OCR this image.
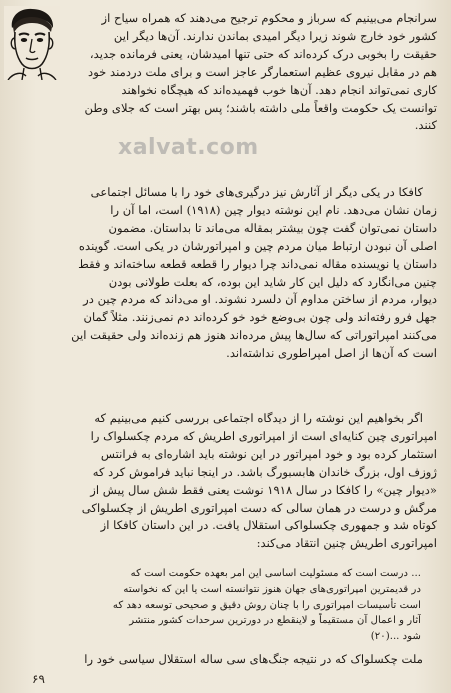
سرانجام می‌بینیم که سرباز و محکوم ترجیح می‌دهند که همراه سیاح از
کشور خود خارج شوند زیرا دیگر امیدی بماندن ندارند. آن‌ها دیگر این
حقیقت را بخوبی درک کرده‌اند که حتی تنها امیدشان، یعنی فرمانده جدید،
هم در مقابل نیروی عظیم استعمارگر عاجز است و برای ملت دردمند خود
کاری نمی‌تواند انجام دهد. آن‌ها خوب فهمیده‌اند که هیچگاه نخواهند
توانست یک حکومت واقعاً ملی داشته باشند؛ پس بهتر است که جلای وطن
کنند.
xalvat.com
کافکا در یکی دیگر از آثارش نیز درگیری‌های خود را با مسائل اجتماعی
زمان نشان می‌دهد. نام این نوشته دیوار چین (۱۹۱۸) است، اما آن را
داستان نمی‌توان گفت چون بیشتر بمقاله می‌ماند تا بداستان. مضمون
اصلی آن نبودن ارتباط میان مردم چین و امپراتورشان در یکی است. گوینده
داستان یا نویسنده مقاله نمی‌داند چرا دیوار را قطعه قطعه ساخته‌اند و فقط
چنین می‌انگارد که دلیل این کار شاید این بوده، که بعلت طولانی بودن
دیوار، مردم از ساختن مداوم آن دلسرد نشوند. او می‌داند که مردم چین در
جهل فرو رفته‌اند ولی چون بی‌وضع خود خو کرده‌اند دم نمی‌زنند. مثلاً گمان
می‌کنند امپراتوراتی که سال‌ها پیش مرده‌اند هنوز هم زنده‌اند ولی حقیقت این
است که آن‌ها از اصل امپراطوری نداشته‌اند.
اگر بخواهیم این نوشته را از دیدگاه اجتماعی بررسی کنیم می‌بینیم که
امپراتوری چین کنایه‌ای است از امپراتوری اطریش که مردم چکسلواک را
استثمار کرده بود و خود امپراتور در این نوشته باید اشاره‌ای به فرانتس
ژوزف اول، بزرگ خاندان هابسبورگ باشد. در اینجا نباید فراموش کرد که
«دیوار چین» را کافکا در سال ۱۹۱۸ نوشت یعنی فقط شش سال پیش از
مرگش و درست در همان سالی که دست امپراتوری اطریش از چکسلواکی
کوتاه شد و جمهوری چکسلواکی استقلال یافت. در این داستان کافکا از
امپراتوری اطریش چنین انتقاد می‌کند:
... درست است که مسئولیت اساسی این امر بعهده حکومت است که
در قدیمترین امپراتوری‌های جهان هنوز نتوانسته است یا این که نخواسته
است تأسیسات امپراتوری را با چنان روش دقیق و صحیحی توسعه دهد که
آثار و اعمال آن مستقیماً و لاینقطع در دورترین سرحدات کشور منتشر
شود ...(۲۰)
ملت چکسلواک که در نتیجه جنگ‌های سی ساله استقلال سیاسی خود را
۶۹
